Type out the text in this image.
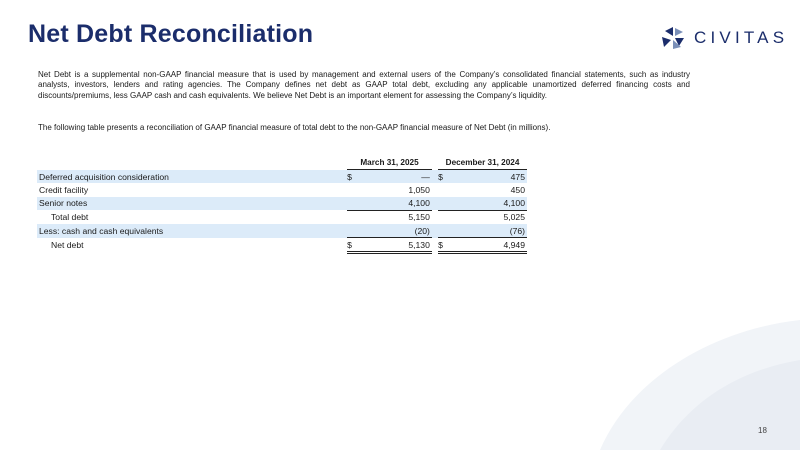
Net Debt Reconciliation	CIVITAS

Net Debt is a supplemental non-GAAP financial measure that is used by management and external users of the Company’s consolidated financial statements, such as industry analysts, investors, lenders and rating agencies. The Company defines net debt as GAAP total debt, excluding any applicable unamortized deferred financing costs and discounts/premiums, less GAAP cash and cash equivalents. We believe Net Debt is an important element for assessing the Company’s liquidity.

The following table presents a reconciliation of GAAP financial measure of total debt to the non-GAAP financial measure of Net Debt (in millions).

	March 31, 2025			December 31, 2024	
Deferred acquisition consideration	$	—		$	475
Credit facility		1,050			450
Senior notes		4,100			4,100
Total debt		5,150			5,025
Less: cash and cash equivalents		(20)			(76)
Net debt	$	5,130		$	4,949
18
